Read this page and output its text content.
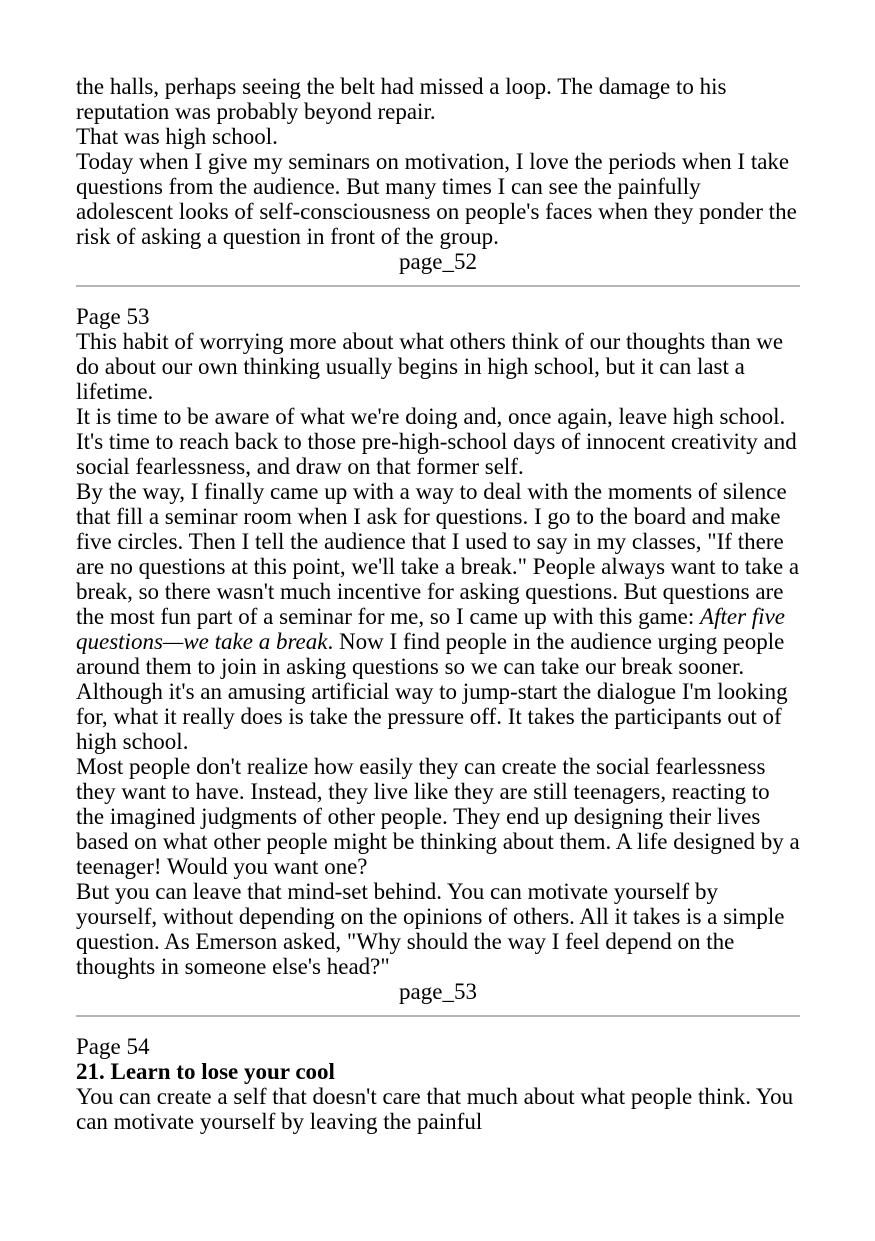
the halls, perhaps seeing the belt had missed a loop. The damage to his reputation was probably beyond repair.

That was high school.

Today when I give my seminars on motivation, I love the periods when I take questions from the audience. But many times I can see the painfully adolescent looks of self-consciousness on people's faces when they ponder the risk of asking a question in front of the group.

page_52

Page 53

This habit of worrying more about what others think of our thoughts than we do about our own thinking usually begins in high school, but it can last a lifetime.

It is time to be aware of what we're doing and, once again, leave high school. It's time to reach back to those pre-high-school days of innocent creativity and social fearlessness, and draw on that former self.

By the way, I finally came up with a way to deal with the moments of silence that fill a seminar room when I ask for questions. I go to the board and make five circles. Then I tell the audience that I used to say in my classes, "If there are no questions at this point, we'll take a break." People always want to take a break, so there wasn't much incentive for asking questions. But questions are the most fun part of a seminar for me, so I came up with this game: After five questions—we take a break. Now I find people in the audience urging people around them to join in asking questions so we can take our break sooner.

Although it's an amusing artificial way to jump-start the dialogue I'm looking for, what it really does is take the pressure off. It takes the participants out of high school.

Most people don't realize how easily they can create the social fearlessness they want to have. Instead, they live like they are still teenagers, reacting to the imagined judgments of other people. They end up designing their lives based on what other people might be thinking about them. A life designed by a teenager! Would you want one?

But you can leave that mind-set behind. You can motivate yourself by yourself, without depending on the opinions of others. All it takes is a simple question. As Emerson asked, "Why should the way I feel depend on the thoughts in someone else's head?"

page_53

Page 54

21. Learn to lose your cool

You can create a self that doesn't care that much about what people think. You can motivate yourself by leaving the painful
